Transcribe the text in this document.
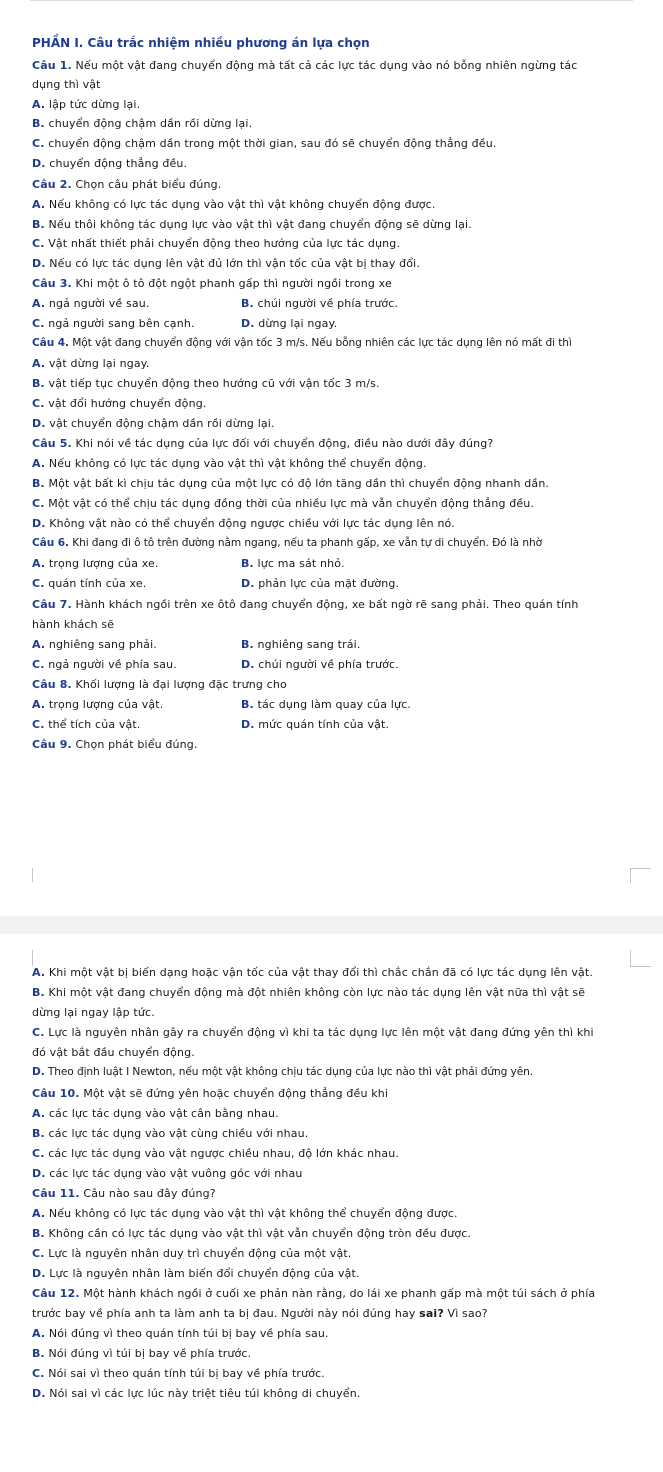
PHẦN I. Câu trắc nhiệm nhiều phương án lựa chọn
Câu 1. Nếu một vật đang chuyển động mà tất cả các lực tác dụng vào nó bỗng nhiên ngừng tác
dụng thì vật
A. lập tức dừng lại.
B. chuyển động chậm dần rồi dừng lại.
C. chuyển động chậm dần trong một thời gian, sau đó sẽ chuyển động thẳng đều.
D. chuyển động thẳng đều.
Câu 2. Chọn câu phát biểu đúng.
A. Nếu không có lực tác dụng vào vật thì vật không chuyển động được.
B. Nếu thôi không tác dụng lực vào vật thì vật đang chuyển động sẽ dừng lại.
C. Vật nhất thiết phải chuyển động theo hướng của lực tác dụng.
D. Nếu có lực tác dụng lên vật đủ lớn thì vận tốc của vật bị thay đổi.
Câu 3. Khi một ô tô đột ngột phanh gấp thì người ngồi trong xe
A. ngả người về sau.	B. chúi người về phía trước.
C. ngả người sang bên cạnh.	D. dừng lại ngay.
Câu 4. Một vật đang chuyển động với vận tốc 3 m/s. Nếu bỗng nhiên các lực tác dụng lên nó mất đi thì
A. vật dừng lại ngay.
B. vật tiếp tục chuyển động theo hướng cũ với vận tốc 3 m/s.
C. vật đổi hướng chuyển động.
D. vật chuyển động chậm dần rồi dừng lại.
Câu 5. Khi nói về tác dụng của lực đối với chuyển động, điều nào dưới đây đúng?
A. Nếu không có lực tác dụng vào vật thì vật không thể chuyển động.
B. Một vật bất kì chịu tác dụng của một lực có độ lớn tăng dần thì chuyển động nhanh dần.
C. Một vật có thể chịu tác dụng đồng thời của nhiều lực mà vẫn chuyển động thẳng đều.
D. Không vật nào có thể chuyển động ngược chiều với lực tác dụng lên nó.
Câu 6. Khi đang đi ô tô trên đường nằm ngang, nếu ta phanh gấp, xe vẫn tự di chuyển. Đó là nhờ
A. trọng lượng của xe.	B. lực ma sát nhỏ.
C. quán tính của xe.	D. phản lực của mặt đường.
Câu 7. Hành khách ngồi trên xe ôtô đang chuyển động, xe bất ngờ rẽ sang phải. Theo quán tính
hành khách sẽ
A. nghiêng sang phải.	B. nghiêng sang trái.
C. ngả người về phía sau.	D. chúi người về phía trước.
Câu 8. Khối lượng là đại lượng đặc trưng cho
A. trọng lượng của vật.	B. tác dụng làm quay của lực.
C. thể tích của vật.	D. mức quán tính của vật.
Câu 9. Chọn phát biểu đúng.
A. Khi một vật bị biến dạng hoặc vận tốc của vật thay đổi thì chắc chắn đã có lực tác dụng lên vật.
B. Khi một vật đang chuyển động mà đột nhiên không còn lực nào tác dụng lên vật nữa thì vật sẽ
dừng lại ngay lập tức.
C. Lực là nguyên nhân gây ra chuyển động vì khi ta tác dụng lực lên một vật đang đứng yên thì khi
đó vật bắt đầu chuyển động.
D. Theo định luật I Newton, nếu một vật không chịu tác dụng của lực nào thì vật phải đứng yên.
Câu 10. Một vật sẽ đứng yên hoặc chuyển động thẳng đều khi
A. các lực tác dụng vào vật cân bằng nhau.
B. các lực tác dụng vào vật cùng chiều với nhau.
C. các lực tác dụng vào vật ngược chiều nhau, độ lớn khác nhau.
D. các lực tác dụng vào vật vuông góc với nhau
Câu 11. Câu nào sau đây đúng?
A. Nếu không có lực tác dụng vào vật thì vật không thể chuyển động được.
B. Không cần có lực tác dụng vào vật thì vật vẫn chuyển động tròn đều được.
C. Lực là nguyên nhân duy trì chuyển động của một vật.
D. Lực là nguyên nhân làm biến đổi chuyển động của vật.
Câu 12. Một hành khách ngồi ở cuối xe phản nàn rằng, do lái xe phanh gấp mà một túi sách ở phía
trước bay về phía anh ta làm anh ta bị đau. Người này nói đúng hay sai? Vì sao?
A. Nói đúng vì theo quán tính túi bị bay về phía sau.
B. Nói đúng vì túi bị bay về phía trước.
C. Nói sai vì theo quán tính túi bị bay về phía trước.
D. Nói sai vì các lực lúc này triệt tiêu túi không di chuyển.
